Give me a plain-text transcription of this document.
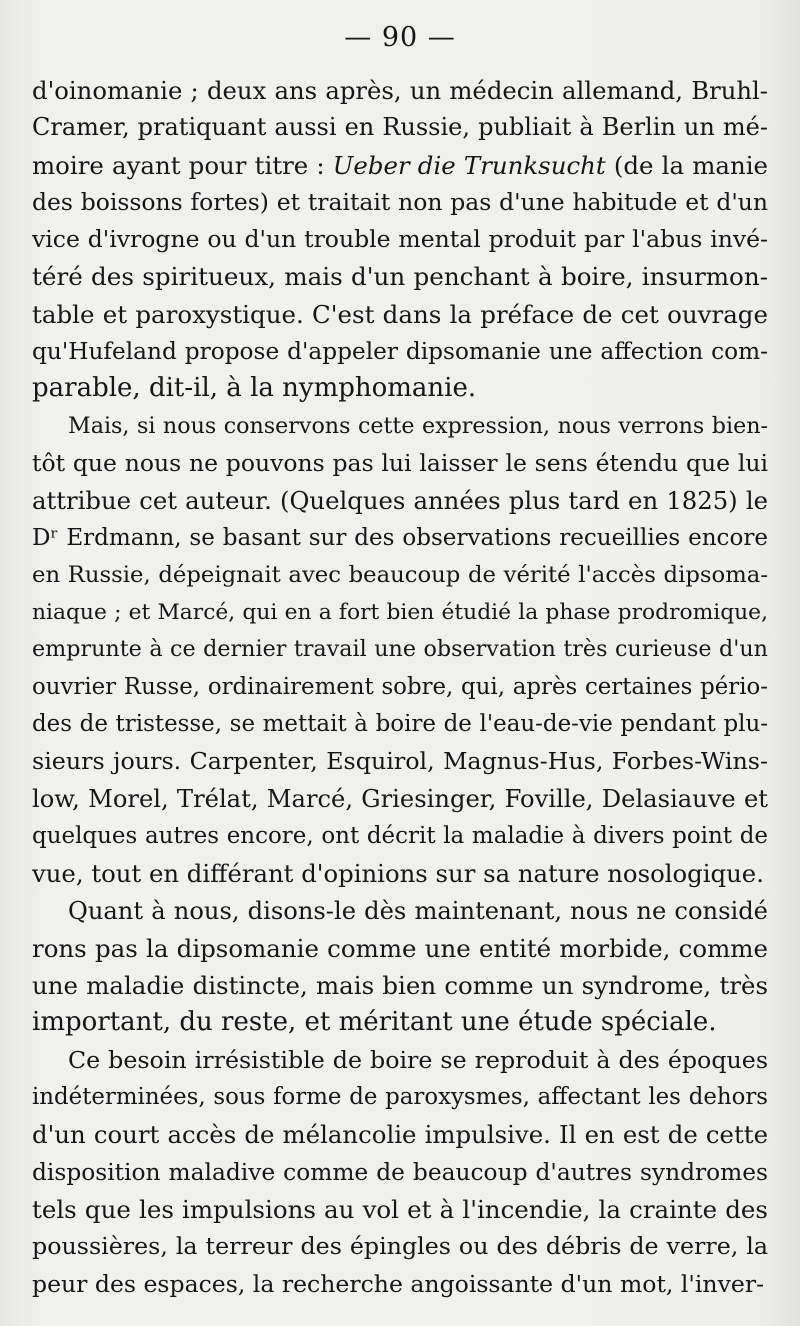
— 90 —
d'oinomanie ; deux ans après, un médecin allemand, Bruhl-
Cramer, pratiquant aussi en Russie, publiait à Berlin un mé-
moire ayant pour titre : Ueber die Trunksucht (de la manie
des boissons fortes) et traitait non pas d'une habitude et d'un
vice d'ivrogne ou d'un trouble mental produit par l'abus invé-
téré des spiritueux, mais d'un penchant à boire, insurmon-
table et paroxystique. C'est dans la préface de cet ouvrage
qu'Hufeland propose d'appeler dipsomanie une affection com-
parable, dit-il, à la nymphomanie.
Mais, si nous conservons cette expression, nous verrons bien-
tôt que nous ne pouvons pas lui laisser le sens étendu que lui
attribue cet auteur. (Quelques années plus tard en 1825) le
Dʳ Erdmann, se basant sur des observations recueillies encore
en Russie, dépeignait avec beaucoup de vérité l'accès dipsoma-
niaque ; et Marcé, qui en a fort bien étudié la phase prodromique,
emprunte à ce dernier travail une observation très curieuse d'un
ouvrier Russe, ordinairement sobre, qui, après certaines pério-
des de tristesse, se mettait à boire de l'eau-de-vie pendant plu-
sieurs jours. Carpenter, Esquirol, Magnus-Hus, Forbes-Wins-
low, Morel, Trélat, Marcé, Griesinger, Foville, Delasiauve et
quelques autres encore, ont décrit la maladie à divers point de
vue, tout en différant d'opinions sur sa nature nosologique.
Quant à nous, disons-le dès maintenant, nous ne considé
rons pas la dipsomanie comme une entité morbide, comme
une maladie distincte, mais bien comme un syndrome, très
important, du reste, et méritant une étude spéciale.
Ce besoin irrésistible de boire se reproduit à des époques
indéterminées, sous forme de paroxysmes, affectant les dehors
d'un court accès de mélancolie impulsive. Il en est de cette
disposition maladive comme de beaucoup d'autres syndromes
tels que les impulsions au vol et à l'incendie, la crainte des
poussières, la terreur des épingles ou des débris de verre, la
peur des espaces, la recherche angoissante d'un mot, l'inver-
